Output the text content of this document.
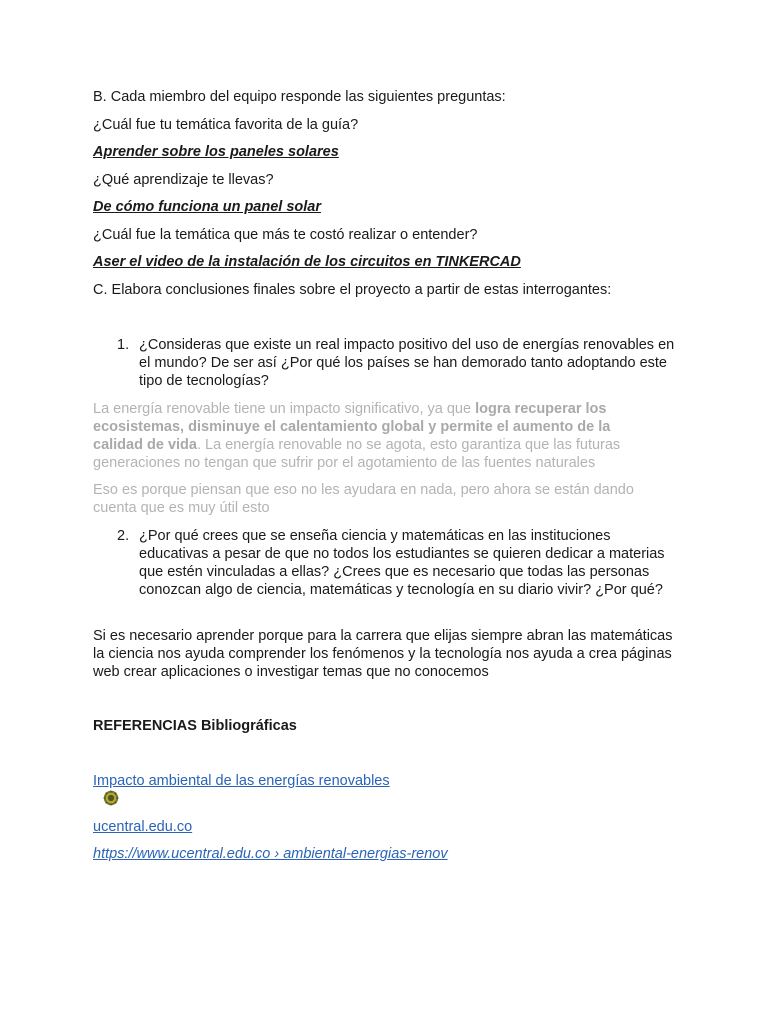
B. Cada miembro del equipo responde las siguientes preguntas:
¿Cuál fue tu temática favorita de la guía?
Aprender sobre los paneles solares
¿Qué aprendizaje te llevas?
De cómo funciona un panel solar
¿Cuál fue la temática que más te costó realizar o entender?
Aser el video de la instalación de los circuitos en TINKERCAD
C. Elabora conclusiones finales sobre el proyecto a partir de estas interrogantes:
1. ¿Consideras que existe un real impacto positivo del uso de energías renovables en el mundo? De ser así ¿Por qué los países se han demorado tanto adoptando este tipo de tecnologías?
La energía renovable tiene un impacto significativo, ya que logra recuperar los ecosistemas, disminuye el calentamiento global y permite el aumento de la calidad de vida. La energía renovable no se agota, esto garantiza que las futuras generaciones no tengan que sufrir por el agotamiento de las fuentes naturales
Eso es porque piensan que eso no les ayudara en nada, pero ahora se están dando cuenta que es muy útil esto
2. ¿Por qué crees que se enseña ciencia y matemáticas en las instituciones educativas a pesar de que no todos los estudiantes se quieren dedicar a materias que estén vinculadas a ellas? ¿Crees que es necesario que todas las personas conozcan algo de ciencia, matemáticas y tecnología en su diario vivir? ¿Por qué?
Si es necesario aprender porque para la carrera que elijas siempre abran las matemáticas la ciencia nos ayuda comprender los fenómenos y la tecnología nos ayuda a crea páginas web crear aplicaciones o investigar temas que no conocemos
REFERENCIAS Bibliográficas
Impacto ambiental de las energías renovables
ucentral.edu.co
https://www.ucentral.edu.co › ambiental-energias-renov
